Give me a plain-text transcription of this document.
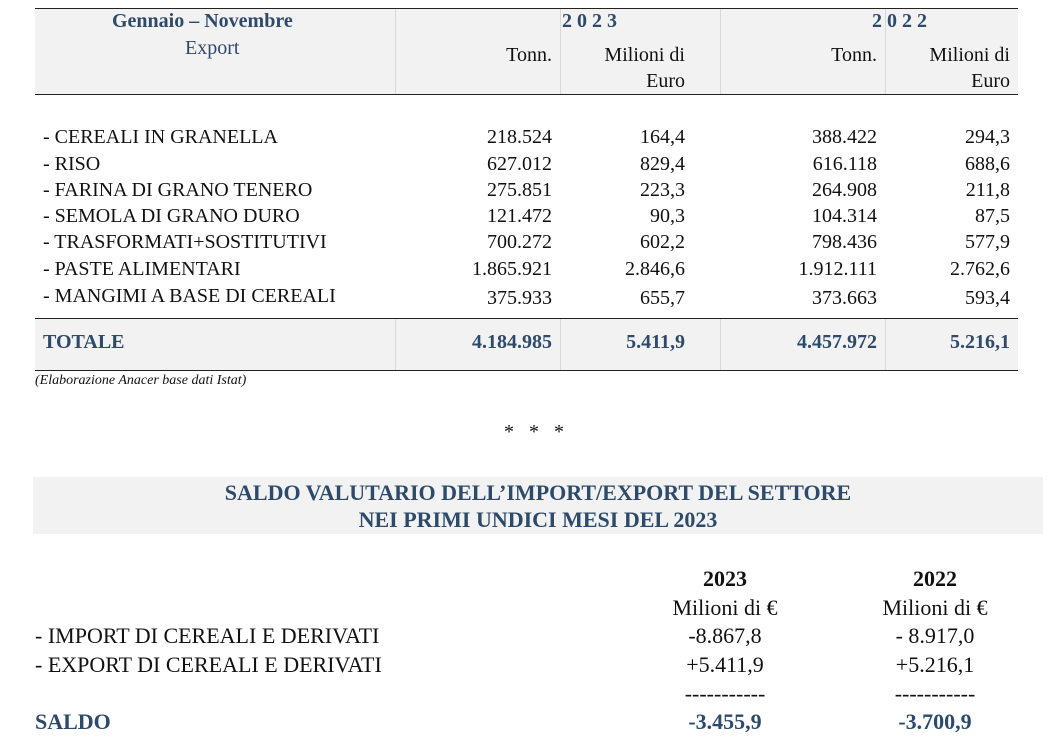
Gennaio – Novembre
Export
2 0 2 3	2 0 2 2
Tonn.	Milioni di
Euro
Tonn.	Milioni di
Euro
- CEREALI IN GRANELLA	218.524	164,4	388.422	294,3
- RISO	627.012	829,4	616.118	688,6
- FARINA DI GRANO TENERO	275.851	223,3	264.908	211,8
- SEMOLA DI GRANO DURO	121.472	90,3	104.314	87,5
- TRASFORMATI+SOSTITUTIVI	700.272	602,2	798.436	577,9
- PASTE ALIMENTARI	1.865.921	2.846,6	1.912.111	2.762,6
- MANGIMI A BASE DI CEREALI	375.933	655,7	373.663	593,4
TOTALE	4.184.985	5.411,9	4.457.972	5.216,1
(Elaborazione Anacer base dati Istat)
*   *   *
SALDO VALUTARIO DELL’IMPORT/EXPORT DEL SETTORE
NEI PRIMI UNDICI MESI DEL 2023
2023	2022
Milioni di €	Milioni di €
- IMPORT DI CEREALI E DERIVATI	-8.867,8	- 8.917,0
- EXPORT DI CEREALI E DERIVATI	+5.411,9	+5.216,1
-----------	-----------
SALDO	-3.455,9	-3.700,9
